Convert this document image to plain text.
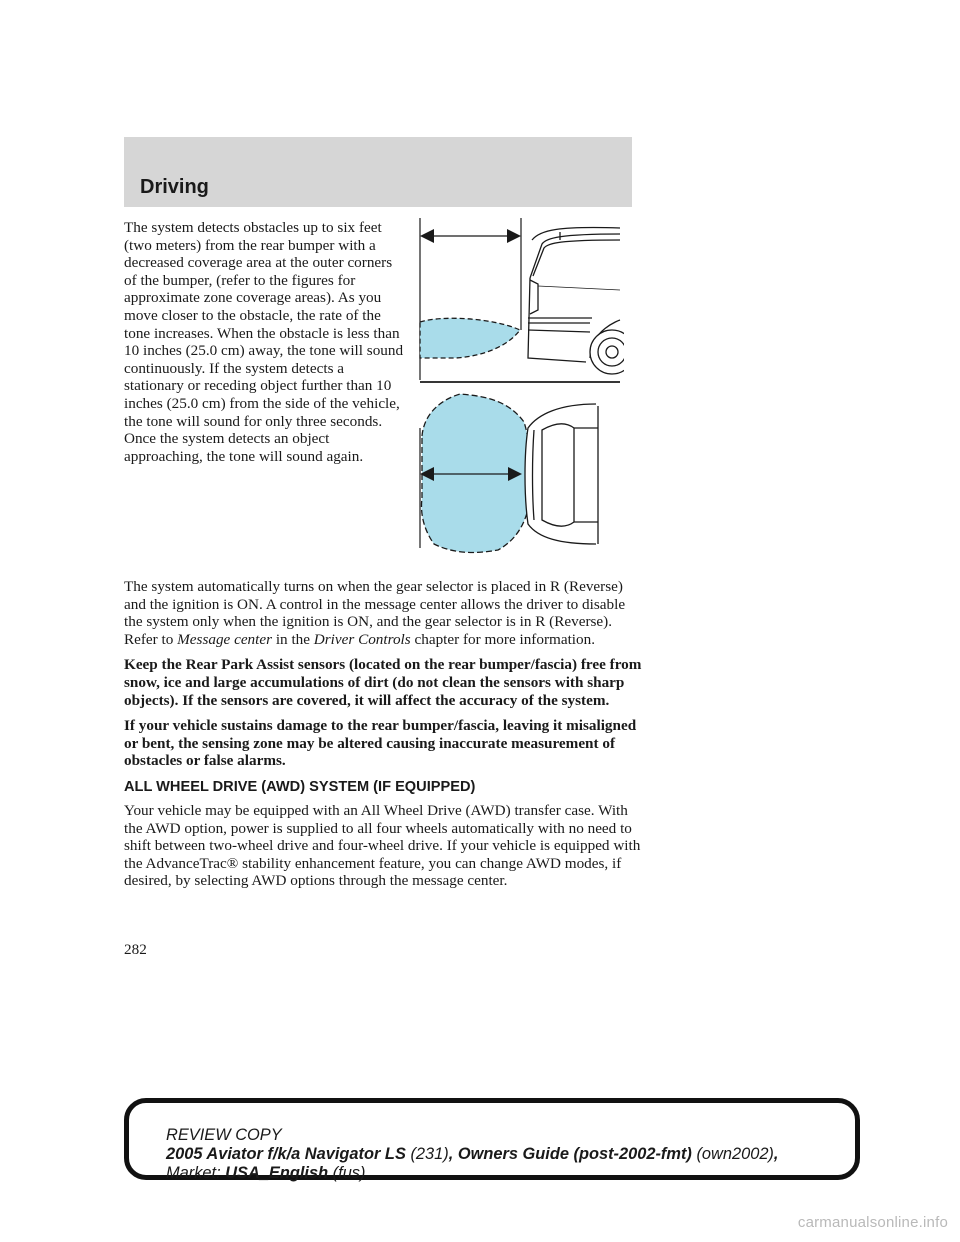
Driving

The system detects obstacles up to six feet (two meters) from the rear bumper with a decreased coverage area at the outer corners of the bumper, (refer to the figures for approximate zone coverage areas). As you move closer to the obstacle, the rate of the tone increases. When the obstacle is less than 10 inches (25.0 cm) away, the tone will sound continuously. If the system detects a stationary or receding object further than 10 inches (25.0 cm) from the side of the vehicle, the tone will sound for only three seconds. Once the system detects an object approaching, the tone will sound again.

The system automatically turns on when the gear selector is placed in R (Reverse) and the ignition is ON. A control in the message center allows the driver to disable the system only when the ignition is ON, and the gear selector is in R (Reverse). Refer to Message center in the Driver Controls chapter for more information.

Keep the Rear Park Assist sensors (located on the rear bumper/fascia) free from snow, ice and large accumulations of dirt (do not clean the sensors with sharp objects). If the sensors are covered, it will affect the accuracy of the system.

If your vehicle sustains damage to the rear bumper/fascia, leaving it misaligned or bent, the sensing zone may be altered causing inaccurate measurement of obstacles or false alarms.

ALL WHEEL DRIVE (AWD) SYSTEM (IF EQUIPPED)

Your vehicle may be equipped with an All Wheel Drive (AWD) transfer case. With the AWD option, power is supplied to all four wheels automatically with no need to shift between two-wheel drive and four-wheel drive. If your vehicle is equipped with the AdvanceTrac® stability enhancement feature, you can change AWD modes, if desired, by selecting AWD options through the message center.

282

REVIEW COPY
2005 Aviator f/k/a Navigator LS (231), Owners Guide (post-2002-fmt) (own2002),
Market: USA_English (fus)
carmanualsonline.info
